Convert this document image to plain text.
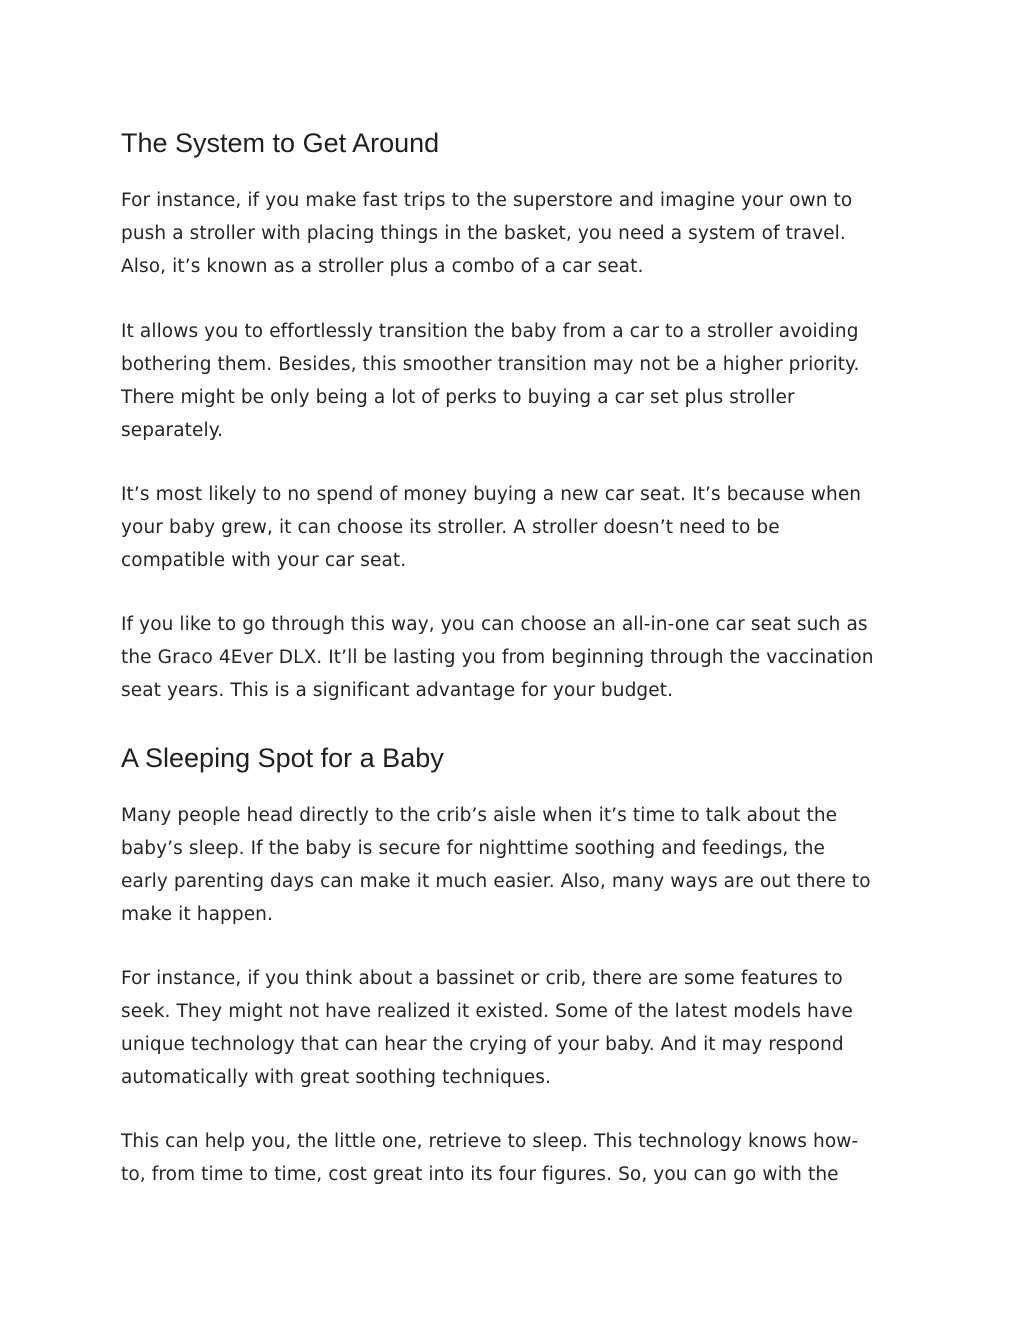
The System to Get Around

For instance, if you make fast trips to the superstore and imagine your own to
push a stroller with placing things in the basket, you need a system of travel.
Also, it’s known as a stroller plus a combo of a car seat.

It allows you to effortlessly transition the baby from a car to a stroller avoiding
bothering them. Besides, this smoother transition may not be a higher priority.
There might be only being a lot of perks to buying a car set plus stroller
separately.

It’s most likely to no spend of money buying a new car seat. It’s because when
your baby grew, it can choose its stroller. A stroller doesn’t need to be
compatible with your car seat.

If you like to go through this way, you can choose an all-in-one car seat such as
the Graco 4Ever DLX. It’ll be lasting you from beginning through the vaccination
seat years. This is a significant advantage for your budget.

A Sleeping Spot for a Baby

Many people head directly to the crib’s aisle when it’s time to talk about the
baby’s sleep. If the baby is secure for nighttime soothing and feedings, the
early parenting days can make it much easier. Also, many ways are out there to
make it happen.

For instance, if you think about a bassinet or crib, there are some features to
seek. They might not have realized it existed. Some of the latest models have
unique technology that can hear the crying of your baby. And it may respond
automatically with great soothing techniques.

This can help you, the little one, retrieve to sleep. This technology knows how-
to, from time to time, cost great into its four figures. So, you can go with the
